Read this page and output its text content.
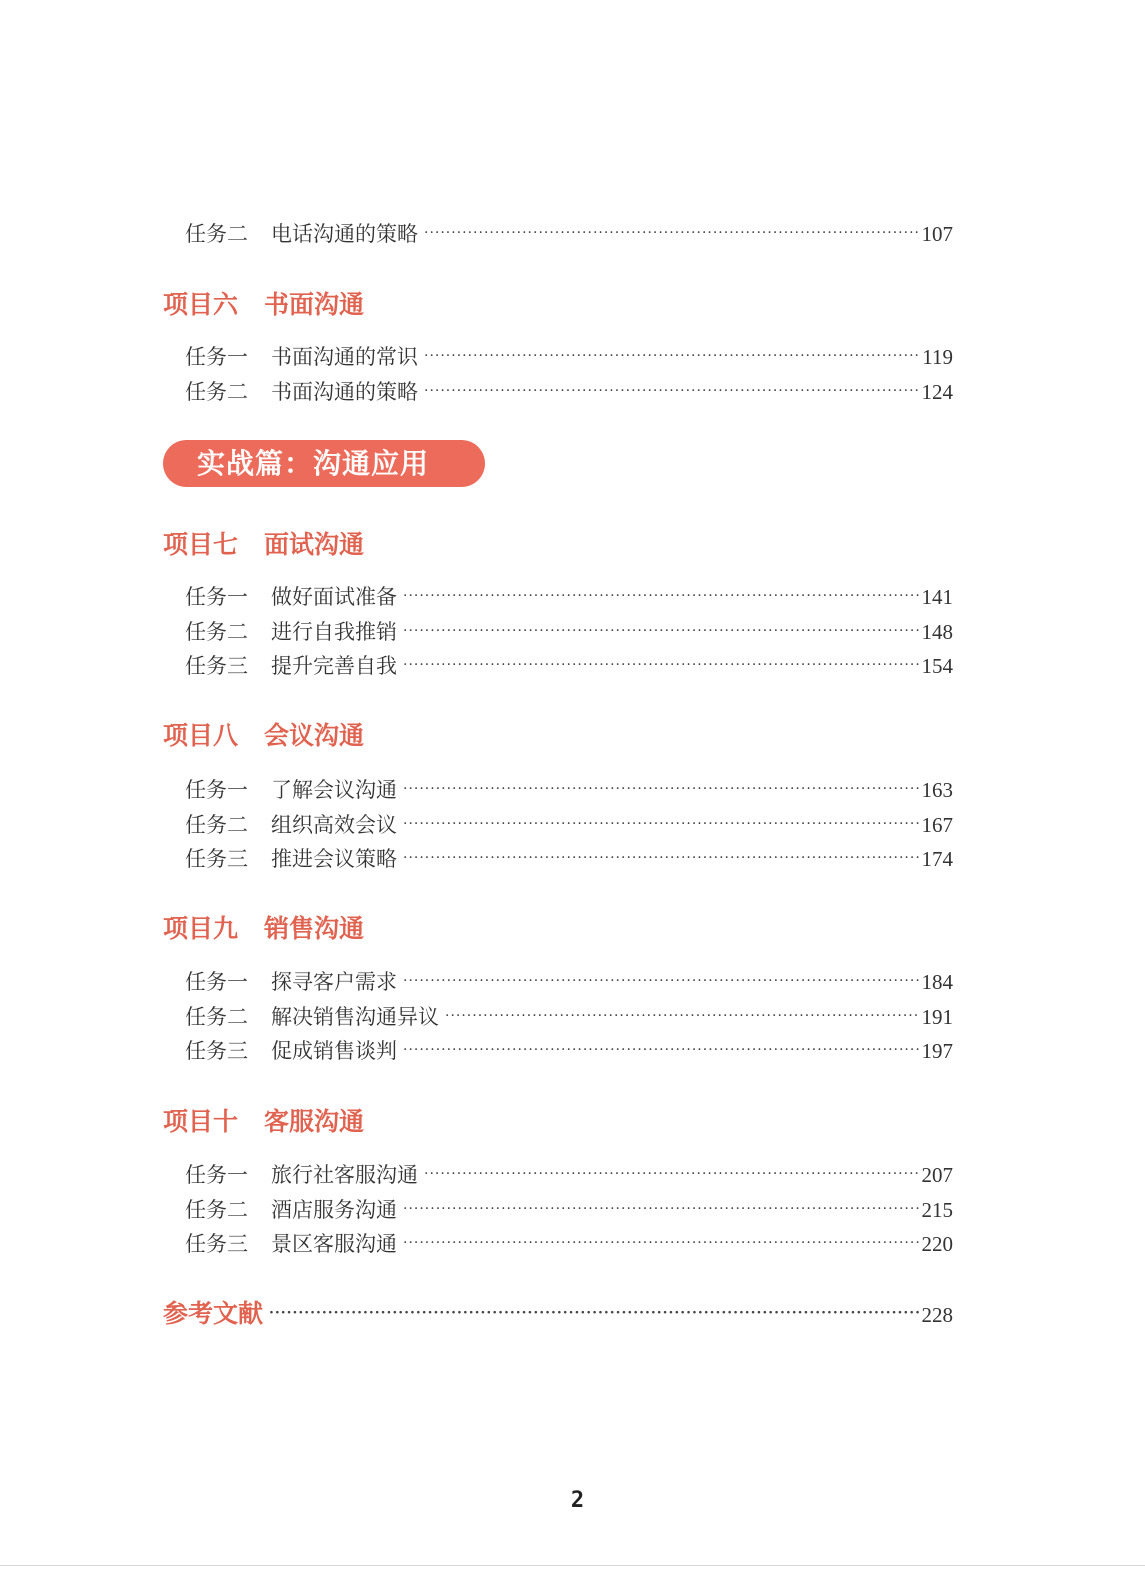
任务二	电话沟通的策略 ·····	107
项目六	书面沟通
任务一	书面沟通的常识 ·····	119
任务二	书面沟通的策略 ·····	124
实战篇：沟通应用
项目七	面试沟通
任务一	做好面试准备 ·····	141
任务二	进行自我推销 ·····	148
任务三	提升完善自我 ·····	154
项目八	会议沟通
任务一	了解会议沟通 ·····	163
任务二	组织高效会议 ·····	167
任务三	推进会议策略 ·····	174
项目九	销售沟通
任务一	探寻客户需求 ·····	184
任务二	解决销售沟通异议 ·····	191
任务三	促成销售谈判 ·····	197
项目十	客服沟通
任务一	旅行社客服沟通 ·····	207
任务二	酒店服务沟通 ·····	215
任务三	景区客服沟通 ·····	220
参考文献 ·····	228
2
